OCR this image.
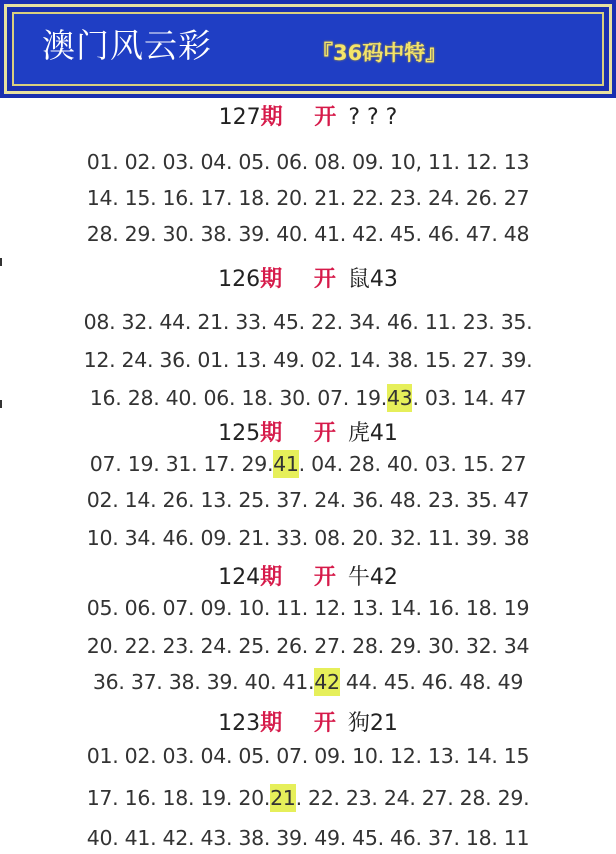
澳门风云彩	『36码中特』
127期 开? ? ?
01. 02. 03. 04. 05. 06. 08. 09. 10, 11. 12. 13
14. 15. 16. 17. 18. 20. 21. 22. 23. 24. 26. 27
28. 29. 30. 38. 39. 40. 41. 42. 45. 46. 47. 48
126期 开鼠43
08. 32. 44. 21. 33. 45. 22. 34. 46. 11. 23. 35.
12. 24. 36. 01. 13. 49. 02. 14. 38. 15. 27. 39.
16. 28. 40. 06. 18. 30. 07. 19.43. 03. 14. 47
125期 开虎41
07. 19. 31. 17. 29.41. 04. 28. 40. 03. 15. 27
02. 14. 26. 13. 25. 37. 24. 36. 48. 23. 35. 47
10. 34. 46. 09. 21. 33. 08. 20. 32. 11. 39. 38
124期 开牛42
05. 06. 07. 09. 10. 11. 12. 13. 14. 16. 18. 19
20. 22. 23. 24. 25. 26. 27. 28. 29. 30. 32. 34
36. 37. 38. 39. 40. 41.42 44. 45. 46. 48. 49
123期 开狗21
01. 02. 03. 04. 05. 07. 09. 10. 12. 13. 14. 15
17. 16. 18. 19. 20.21. 22. 23. 24. 27. 28. 29.
40. 41. 42. 43. 38. 39. 49. 45. 46. 37. 18. 11
